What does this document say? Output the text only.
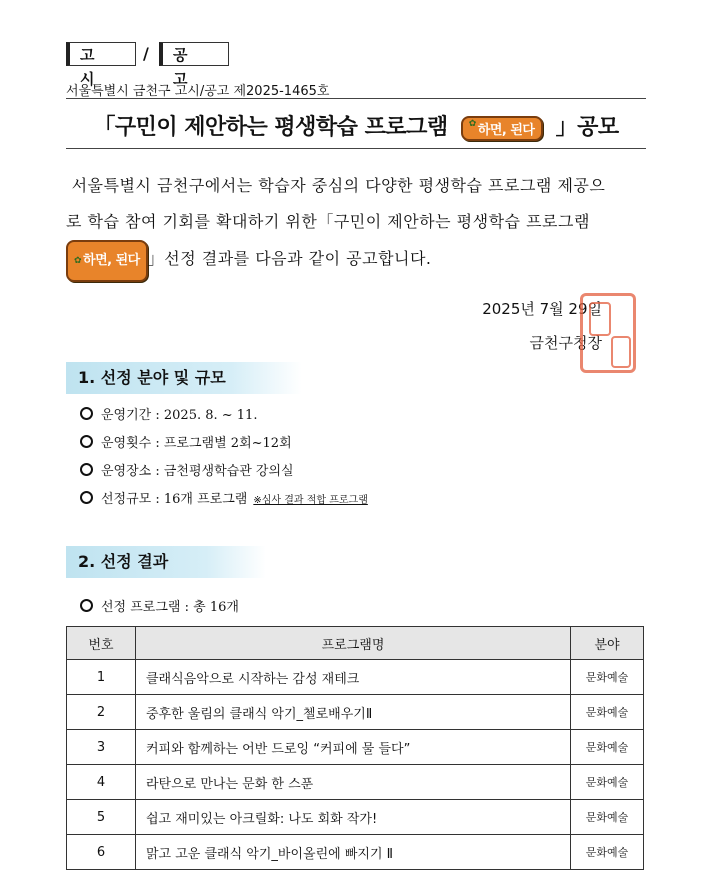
고 시
/	공 고
서울특별시 금천구 고시/공고 제2025-1465호
「구민이 제안하는 평생학습 프로그램 ✿ 하면, 된다 」공모
서울특별시 금천구에서는 학습자 중심의 다양한 평생학습 프로그램 제공으
로 학습 참여 기회를 확대하기 위한「구민이 제안하는 평생학습 프로그램
✿ 하면, 된다 」선정 결과를 다음과 같이 공고합니다.
2025년 7월 29일
금천구청장
1. 선정 분야 및 규모
운영기간 : 2025. 8. ~ 11.
운영횟수 : 프로그램별 2회~12회
운영장소 : 금천평생학습관 강의실
선정규모 : 16개 프로그램 ※심사 결과 적합 프로그램
2. 선정 결과
선정 프로그램 : 총 16개
번호	프로그램명	분야
1	클래식음악으로 시작하는 감성 재테크	문화예술
2	중후한 울림의 클래식 악기_첼로배우기Ⅱ	문화예술
3	커피와 함께하는 어반 드로잉 “커피에 물 들다”	문화예술
4	라탄으로 만나는 문화 한 스푼	문화예술
5	쉽고 재미있는 아크릴화: 나도 회화 작가!	문화예술
6	맑고 고운 클래식 악기_바이올린에 빠지기 Ⅱ	문화예술
